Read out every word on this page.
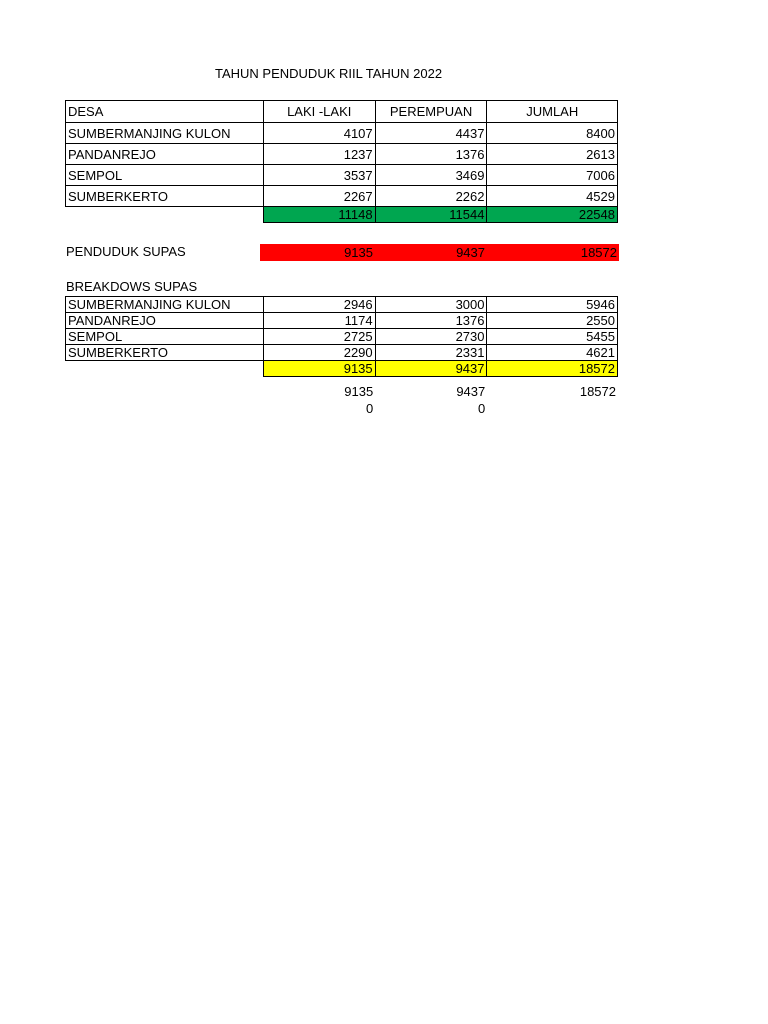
TAHUN PENDUDUK RIIL TAHUN 2022
DESA	LAKI -LAKI	PEREMPUAN	JUMLAH
SUMBERMANJING KULON	4107	4437	8400
PANDANREJO	1237	1376	2613
SEMPOL	3537	3469	7006
SUMBERKERTO	2267	2262	4529
	11148	11544	22548
PENDUDUK SUPAS	9135	9437	18572
BREAKDOWS SUPAS
SUMBERMANJING KULON	2946	3000	5946
PANDANREJO	1174	1376	2550
SEMPOL	2725	2730	5455
SUMBERKERTO	2290	2331	4621
	9135	9437	18572
	9135	9437	18572
	0	0	
